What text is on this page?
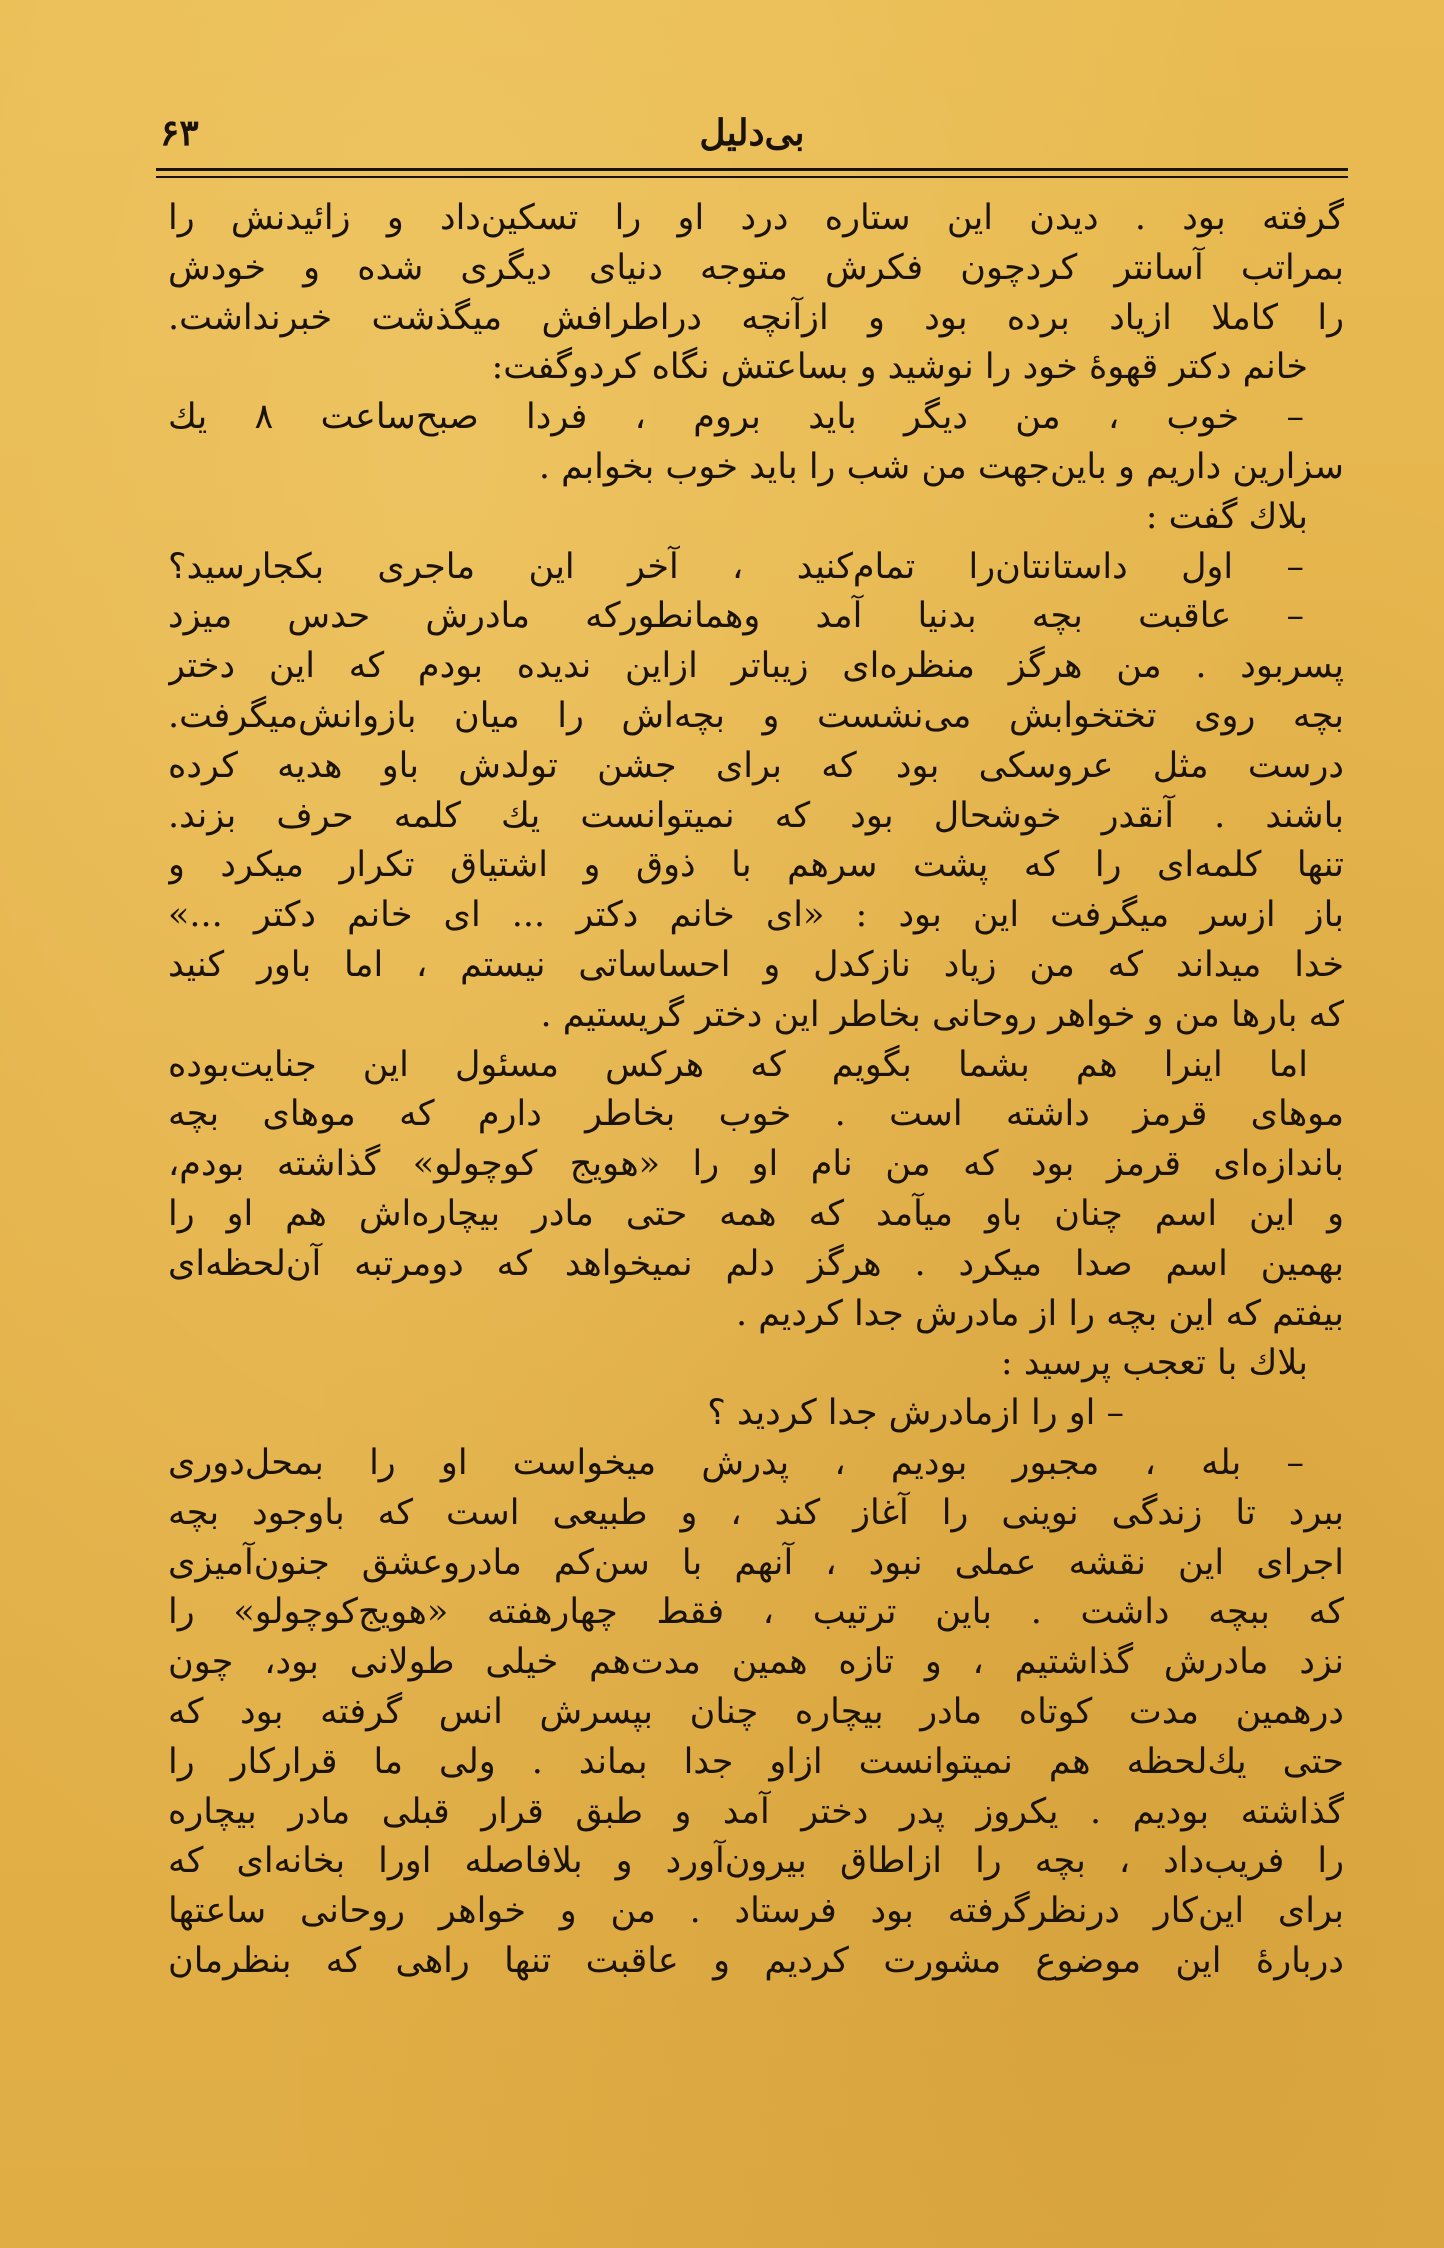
۶۳	بی‌دلیل
گرفته بود . دیدن این ستاره درد او را تسکین‌داد و زائیدنش را
بمراتب آسانتر کردچون فکرش متوجه دنیای دیگری شده و خودش
را کاملا ازیاد برده بود و ازآنچه دراطرافش میگذشت خبرنداشت.
خانم دکتر قهوهٔ خود را نوشید و بساعتش نگاه کردوگفت:
– خوب ، من دیگر باید بروم ، فردا صبح‌ساعت ۸ یك
سزارین داریم و باین‌جهت من شب را باید خوب بخوابم .
بلاك گفت :
– اول داستانتان‌را تمام‌کنید ، آخر این ماجری بکجارسید؟
– عاقبت بچه بدنیا آمد وهمانطورکه مادرش حدس میزد
پسربود . من هرگز منظره‌ای زیباتر ازاین ندیده بودم که این دختر
بچه روی تختخوابش می‌نشست و بچه‌اش را میان بازوانش‌میگرفت.
درست مثل عروسکی بود که برای جشن تولدش باو هدیه کرده
باشند . آنقدر خوشحال بود که نمیتوانست یك کلمه حرف بزند.
تنها کلمه‌ای را که پشت سرهم با ذوق و اشتیاق تکرار میکرد و
باز ازسر میگرفت این بود : «ای خانم دکتر ... ای خانم دکتر ...»
خدا میداند که من زیاد نازکدل و احساساتی نیستم ، اما باور کنید
که بارها من و خواهر روحانی بخاطر این دختر گریستیم .
اما اینرا هم بشما بگویم که هرکس مسئول این جنایت‌بوده
موهای قرمز داشته است . خوب بخاطر دارم که موهای بچه
باندازه‌ای قرمز بود که من نام او را «هویج کوچولو» گذاشته بودم،
و این اسم چنان باو میآمد که همه حتی مادر بیچاره‌اش هم او را
بهمین اسم صدا میکرد . هرگز دلم نمیخواهد که دومرتبه آن‌لحظه‌ای
بیفتم که این بچه را از مادرش جدا کردیم .
بلاك با تعجب پرسید :
– او را ازمادرش جدا کردید ؟
– بله ، مجبور بودیم ، پدرش میخواست او را بمحل‌دوری
ببرد تا زندگی نوینی را آغاز کند ، و طبیعی است که باوجود بچه
اجرای این نقشه عملی نبود ، آنهم با سن‌کم مادروعشق جنون‌آمیزی
که ببچه داشت . باین ترتیب ، فقط چهارهفته «هویج‌کوچولو» را
نزد مادرش گذاشتیم ، و تازه همین مدت‌هم خیلی طولانی بود، چون
درهمین مدت کوتاه مادر بیچاره چنان بپسرش انس گرفته بود که
حتی یك‌لحظه هم نمیتوانست ازاو جدا بماند . ولی ما قرارکار را
گذاشته بودیم . یکروز پدر دختر آمد و طبق قرار قبلی مادر بیچاره
را فریب‌داد ، بچه را ازاطاق بیرون‌آورد و بلافاصله اورا بخانه‌ای که
برای این‌کار درنظرگرفته بود فرستاد . من و خواهر روحانی ساعتها
دربارهٔ این موضوع مشورت کردیم و عاقبت تنها راهی که بنظرمان
